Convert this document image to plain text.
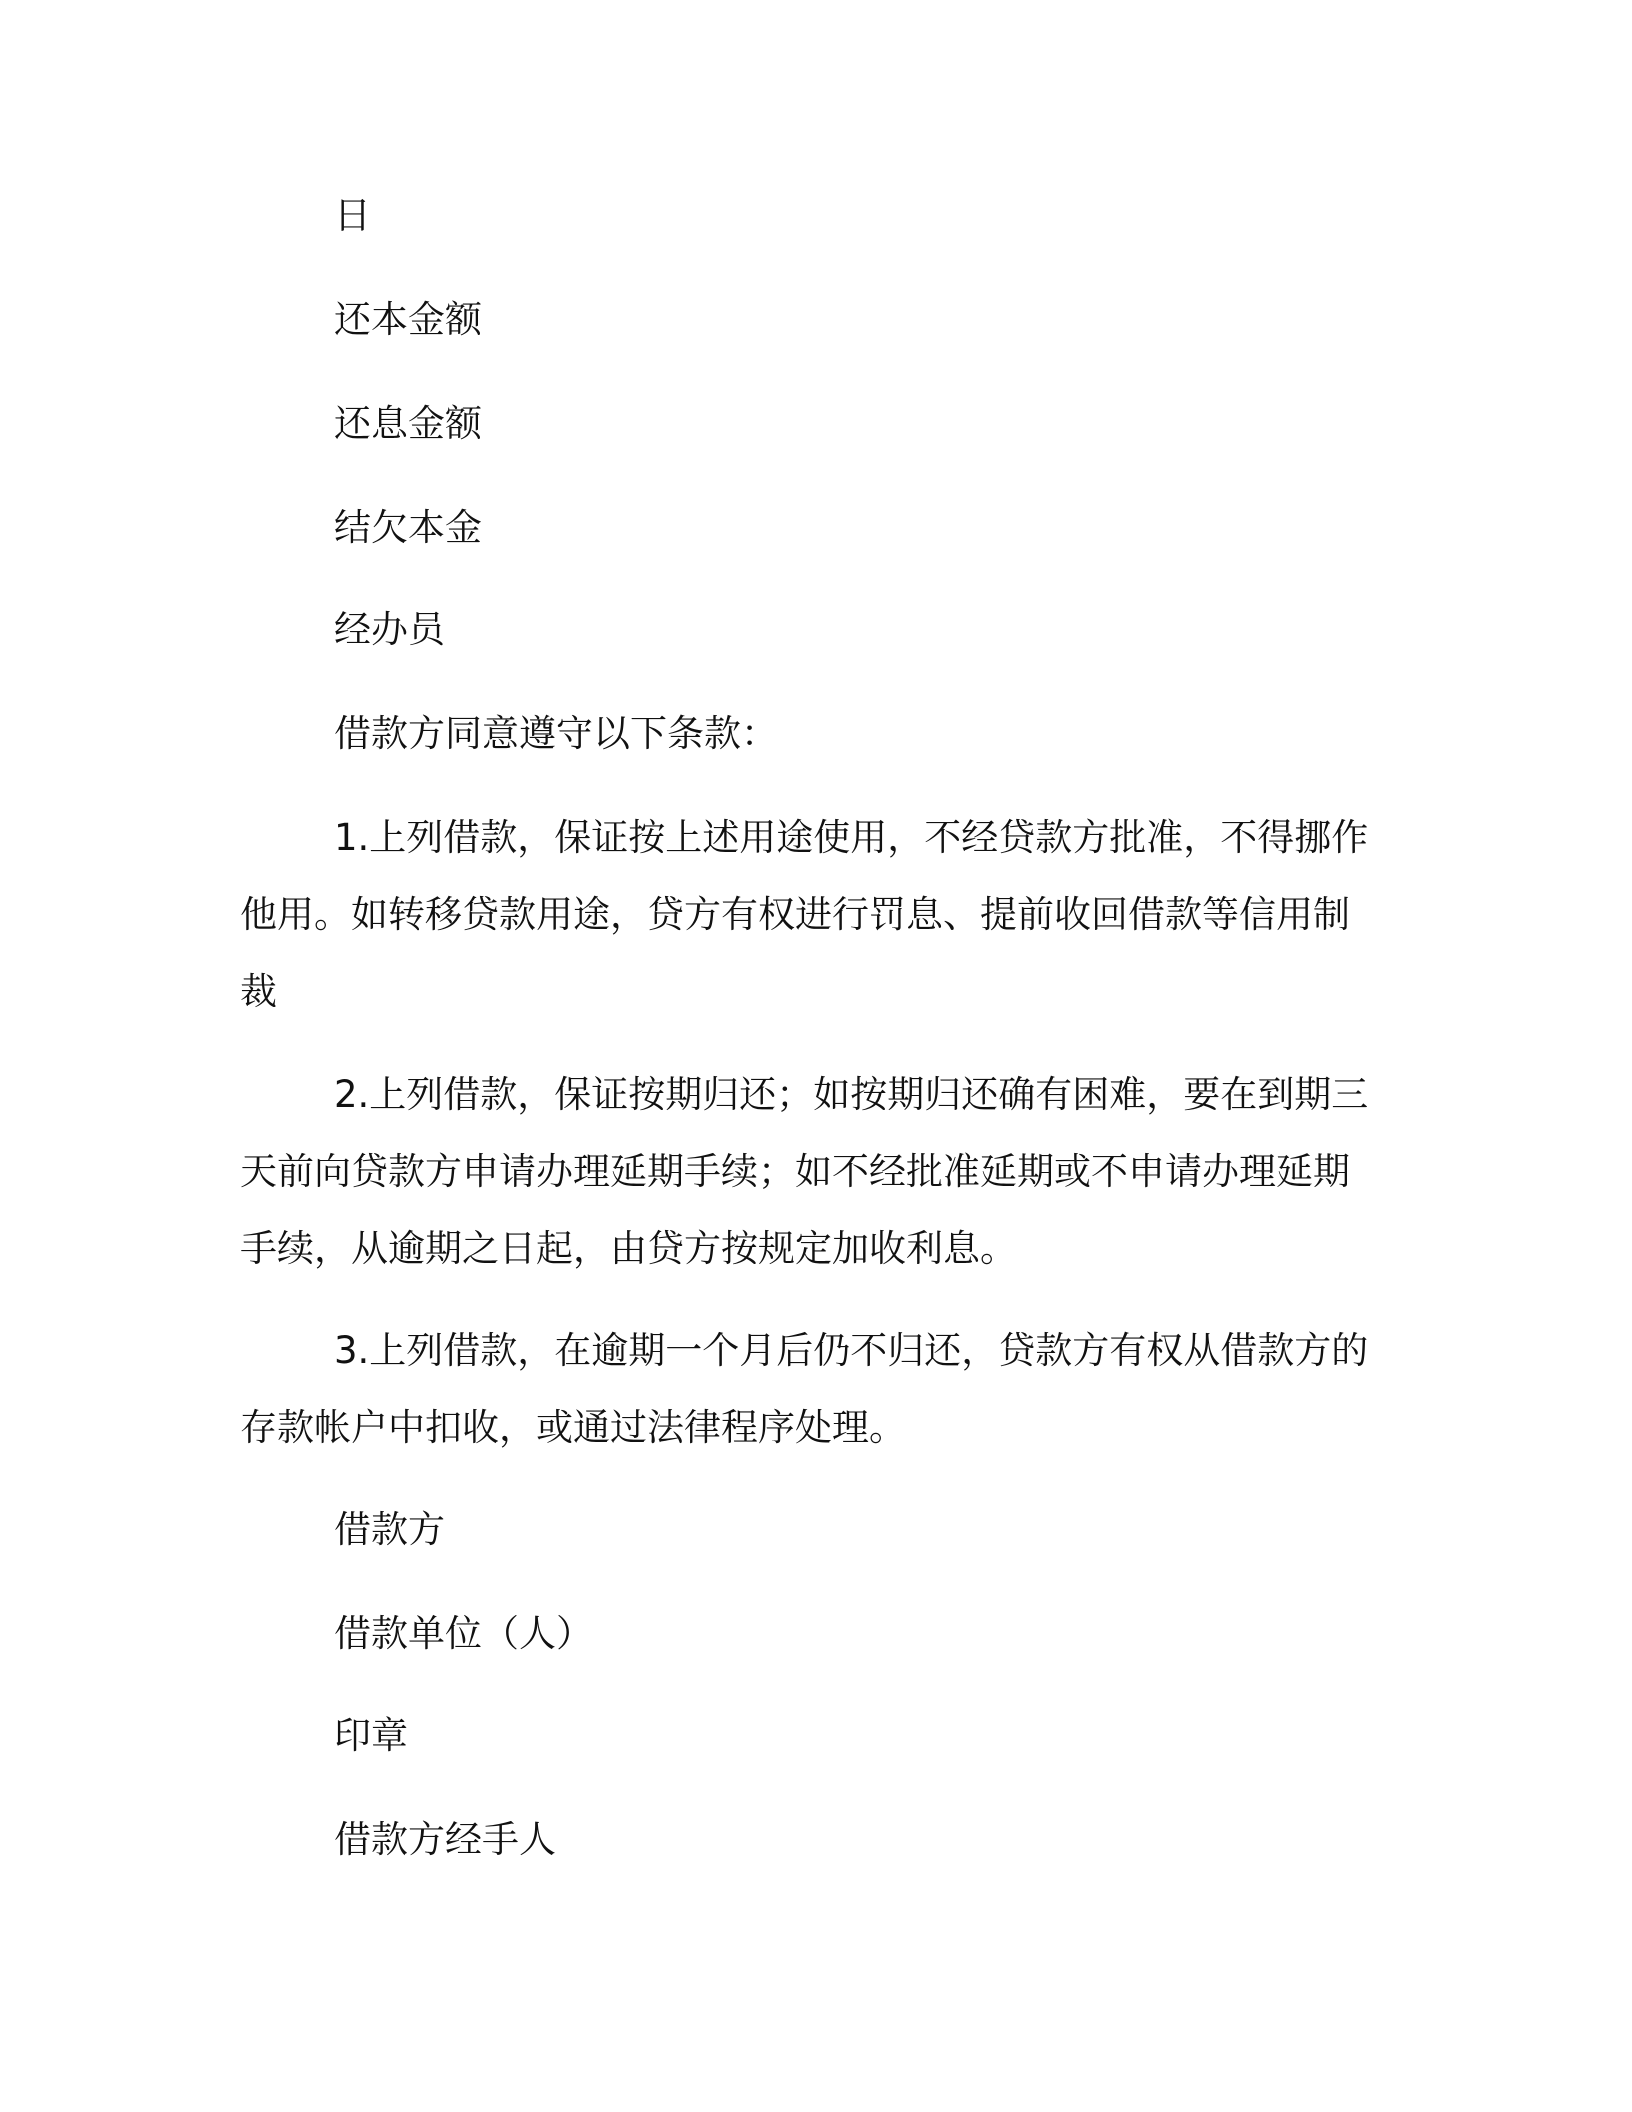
日
还本金额
还息金额
结欠本金
经办员
借款方同意遵守以下条款：
1.上列借款，保证按上述用途使用，不经贷款方批准，不得挪作
他用。如转移贷款用途，贷方有权进行罚息、提前收回借款等信用制
裁
2.上列借款，保证按期归还；如按期归还确有困难，要在到期三
天前向贷款方申请办理延期手续；如不经批准延期或不申请办理延期
手续，从逾期之日起，由贷方按规定加收利息。
3.上列借款，在逾期一个月后仍不归还，贷款方有权从借款方的
存款帐户中扣收，或通过法律程序处理。
借款方
借款单位（人）
印章
借款方经手人
